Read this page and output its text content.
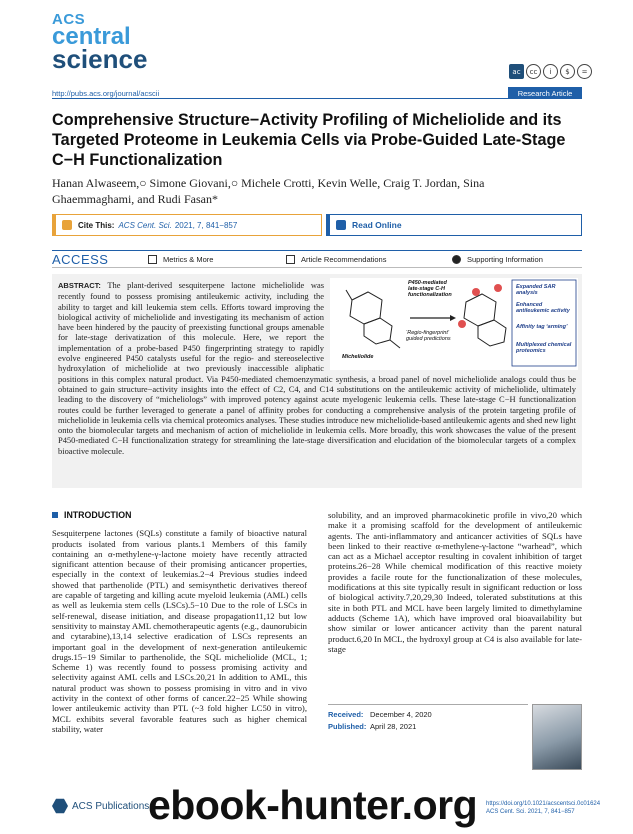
ACS
central
science	ac	cc	i	$	=
http://pubs.acs.org/journal/acscii	Research Article
Comprehensive Structure−Activity Profiling of Micheliolide and its Targeted Proteome in Leukemia Cells via Probe-Guided Late-Stage C−H Functionalization
Hanan Alwaseem,○ Simone Giovani,○ Michele Crotti, Kevin Welle, Craig T. Jordan, Sina Ghaemmaghami, and Rudi Fasan*
Cite This: ACS Cent. Sci. 2021, 7, 841−857	Read Online
ACCESS	Metrics & More	Article Recommendations	Supporting Information
Micheliolide
P450-mediated late-stage C-H functionalization
‘Regio-fingerprint’ guided predictions
Expanded SAR analysis
Enhanced antileukemic activity
Affinity tag ‘arming’
Multiplexed chemical proteomics
ABSTRACT: The plant-derived sesquiterpene lactone micheliolide was recently found to possess promising antileukemic activity, including the ability to target and kill leukemia stem cells. Efforts toward improving the biological activity of micheliolide and investigating its mechanism of action have been hindered by the paucity of preexisting functional groups amenable for late-stage derivatization of this molecule. Here, we report the implementation of a probe-based P450 fingerprinting strategy to rapidly evolve engineered P450 catalysts useful for the regio- and stereoselective hydroxylation of micheliolide at two previously inaccessible aliphatic positions in this complex natural product. Via P450-mediated chemoenzymatic synthesis, a broad panel of novel micheliolide analogs could thus be obtained to gain structure−activity insights into the effect of C2, C4, and C14 substitutions on the antileukemic activity of micheliolide, ultimately leading to the discovery of “micheliologs” with improved potency against acute myelogenic leukemia cells. These late-stage C−H functionalization routes could be further leveraged to generate a panel of affinity probes for conducting a comprehensive analysis of the protein targeting profile of micheliolide in leukemia cells via chemical proteomics analyses. These studies introduce new micheliolide-based antileukemic agents and shed new light onto the biomolecular targets and mechanism of action of micheliolide in leukemia cells. More broadly, this work showcases the value of the present P450-mediated C−H functionalization strategy for streamlining the late-stage diversification and elucidation of the biomolecular targets of a complex bioactive molecule.
INTRODUCTION

Sesquiterpene lactones (SQLs) constitute a family of bioactive natural products isolated from various plants.1 Members of this family containing an α-methylene-γ-lactone moiety have recently attracted significant attention because of their promising anticancer properties, especially in the context of leukemias.2−4 Previous studies indeed showed that parthenolide (PTL) and semisynthetic derivatives thereof are capable of targeting and killing acute myeloid leukemia (AML) cells as well as leukemia stem cells (LSCs).5−10 Due to the role of LSCs in self-renewal, disease initiation, and disease propagation11,12 but low sensitivity to mainstay AML chemotherapeutic agents (e.g., daunorubicin and cytarabine),13,14 selective eradication of LSCs represents an important goal in the development of next-generation antileukemic drugs.15−19 Similar to parthenolide, the SQL micheliolide (MCL, 1; Scheme 1) was recently found to possess promising activity and selectivity against AML cells and LSCs.20,21 In addition to AML, this natural product was shown to possess promising in vitro and in vivo activity in the context of other forms of cancer.22−25 While showing lower antileukemic activity than PTL (~3 fold higher LC50 in vitro), MCL exhibits several favorable features such as higher chemical stability, water

solubility, and an improved pharmacokinetic profile in vivo,20 which make it a promising scaffold for the development of antileukemic agents. The anti-inflammatory and anticancer activities of SQLs have been linked to their reactive α-methylene-γ-lactone “warhead”, which can act as a Michael acceptor resulting in covalent inhibition of target proteins.26−28 While chemical modification of this reactive moiety provides a facile route for the functionalization of these molecules, modifications at this site typically result in significant reduction or loss of biological activity.7,20,29,30 Indeed, tolerated substitutions at this site in both PTL and MCL have been largely limited to dimethylamine adducts (Scheme 1A), which have improved oral bioavailability but show similar or lower anticancer activity than the parent natural product.6,20 In MCL, the hydroxyl group at C4 is also available for late-stage

Received: December 4, 2020
Published: April 28, 2021
ACS Publications
ebook-hunter.org https://doi.org/10.1021/acscentsci.0c01624 ACS Cent. Sci. 2021, 7, 841−857
